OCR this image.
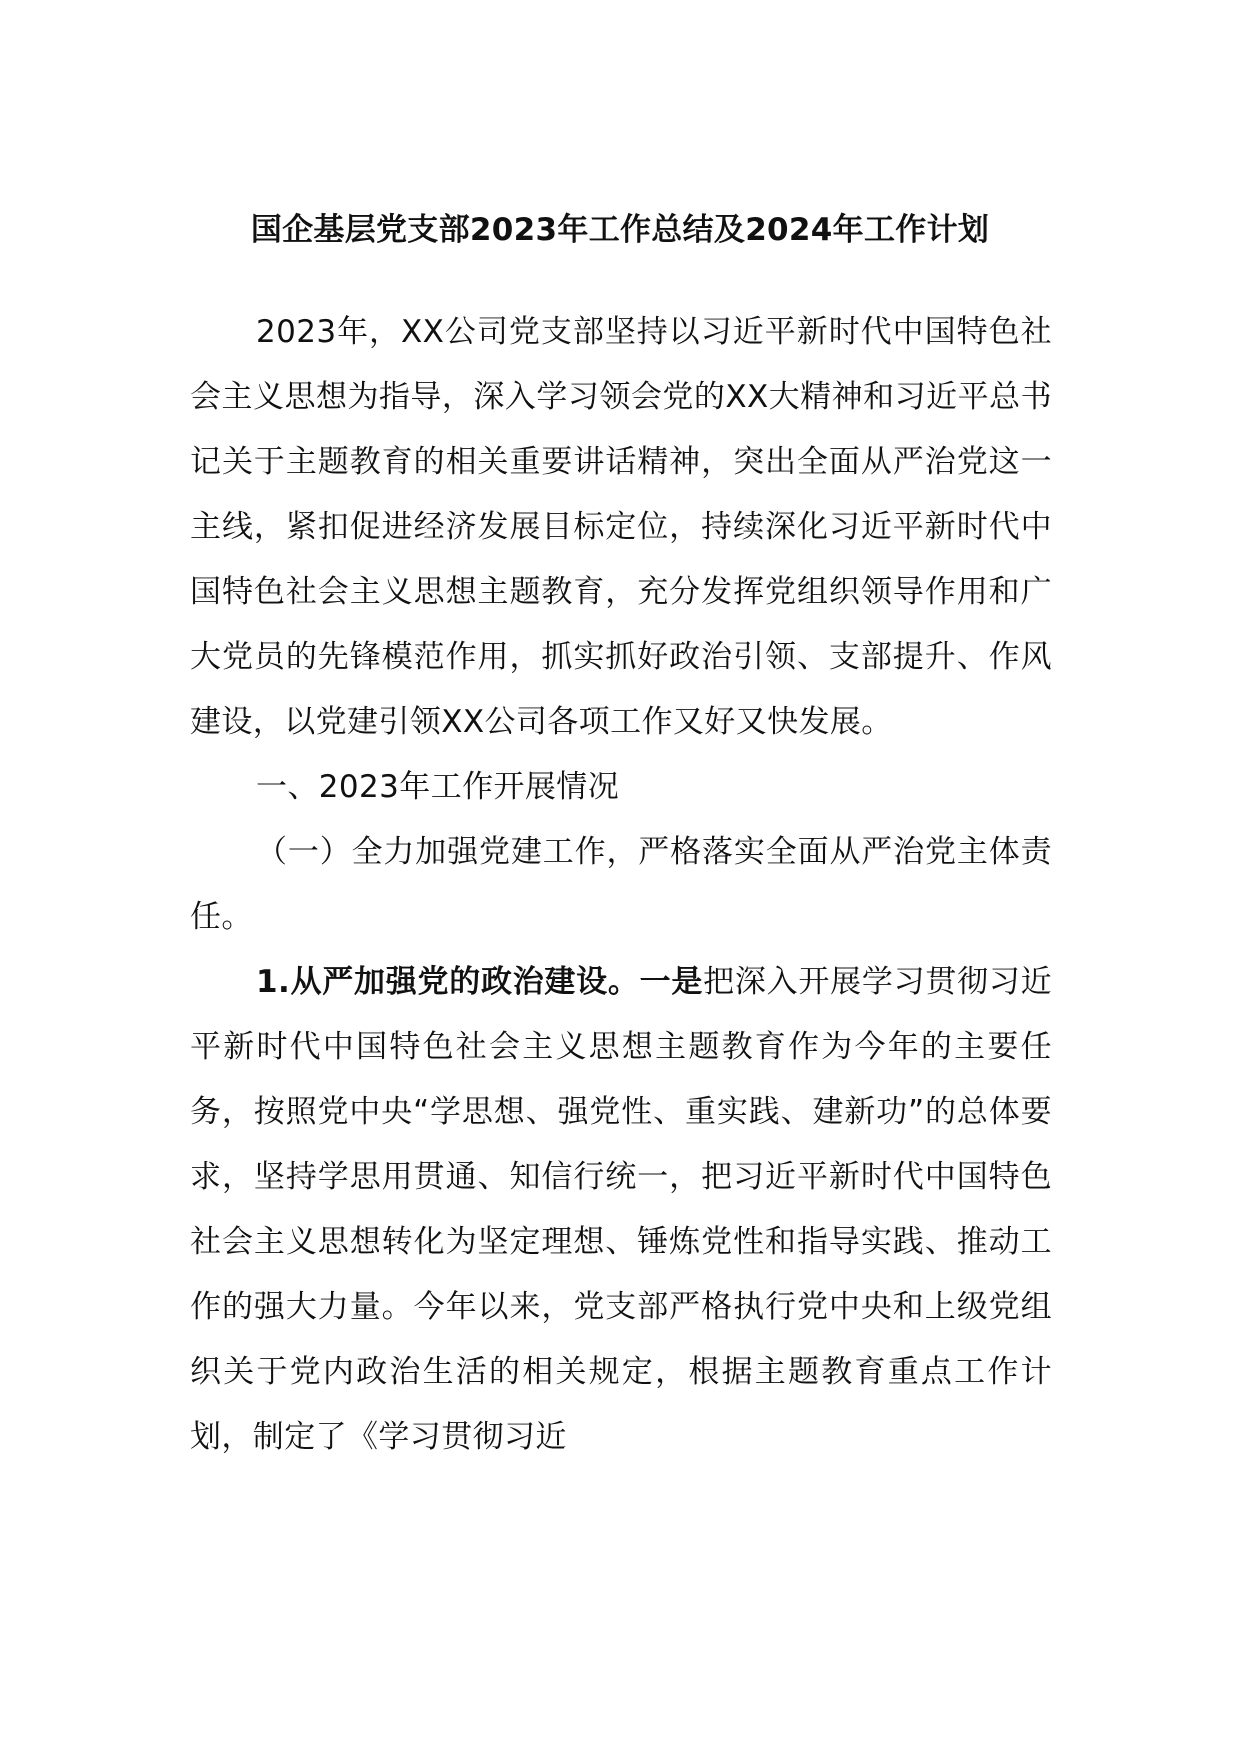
国企基层党支部2023年工作总结及2024年工作计划

2023年，XX公司党支部坚持以习近平新时代中国特色社会主义思想为指导，深入学习领会党的XX大精神和习近平总书记关于主题教育的相关重要讲话精神，突出全面从严治党这一主线，紧扣促进经济发展目标定位，持续深化习近平新时代中国特色社会主义思想主题教育，充分发挥党组织领导作用和广大党员的先锋模范作用，抓实抓好政治引领、支部提升、作风建设，以党建引领XX公司各项工作又好又快发展。

一、2023年工作开展情况

（一）全力加强党建工作，严格落实全面从严治党主体责任。

1.从严加强党的政治建设。一是把深入开展学习贯彻习近平新时代中国特色社会主义思想主题教育作为今年的主要任务，按照党中央“学思想、强党性、重实践、建新功”的总体要求，坚持学思用贯通、知信行统一，把习近平新时代中国特色社会主义思想转化为坚定理想、锤炼党性和指导实践、推动工作的强大力量。今年以来，党支部严格执行党中央和上级党组织关于党内政治生活的相关规定，根据主题教育重点工作计划，制定了《学习贯彻习近
